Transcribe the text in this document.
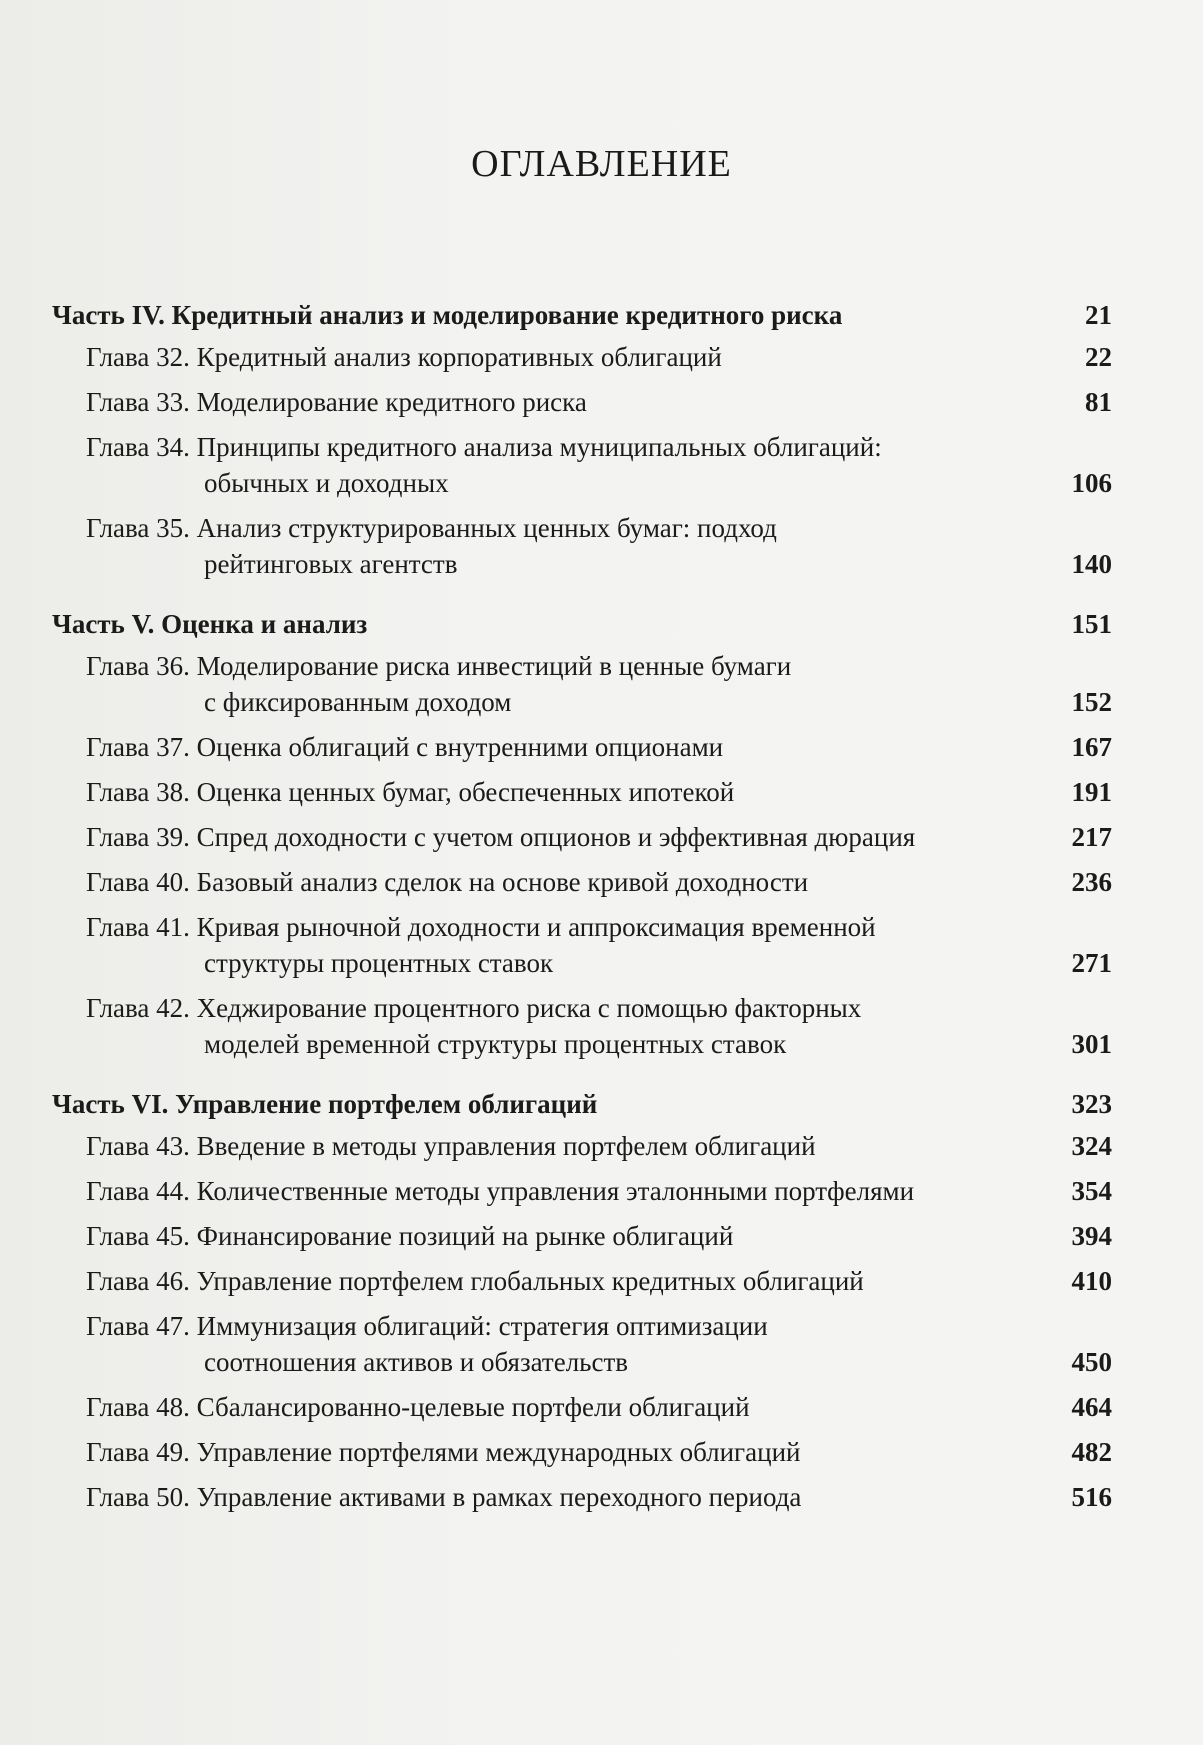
ОГЛАВЛЕНИЕ
Часть IV. Кредитный анализ и моделирование кредитного риска	21
Глава 32. Кредитный анализ корпоративных облигаций	22
Глава 33. Моделирование кредитного риска	81
Глава 34. Принципы кредитного анализа муниципальных облигаций:
обычных и доходных	106
Глава 35. Анализ структурированных ценных бумаг: подход
рейтинговых агентств	140
Часть V. Оценка и анализ	151
Глава 36. Моделирование риска инвестиций в ценные бумаги
с фиксированным доходом	152
Глава 37. Оценка облигаций с внутренними опционами	167
Глава 38. Оценка ценных бумаг, обеспеченных ипотекой	191
Глава 39. Спред доходности с учетом опционов и эффективная дюрация	217
Глава 40. Базовый анализ сделок на основе кривой доходности	236
Глава 41. Кривая рыночной доходности и аппроксимация временной
структуры процентных ставок	271
Глава 42. Хеджирование процентного риска с помощью факторных
моделей временной структуры процентных ставок	301
Часть VI. Управление портфелем облигаций	323
Глава 43. Введение в методы управления портфелем облигаций	324
Глава 44. Количественные методы управления эталонными портфелями	354
Глава 45. Финансирование позиций на рынке облигаций	394
Глава 46. Управление портфелем глобальных кредитных облигаций	410
Глава 47. Иммунизация облигаций: стратегия оптимизации
соотношения активов и обязательств	450
Глава 48. Сбалансированно-целевые портфели облигаций	464
Глава 49. Управление портфелями международных облигаций	482
Глава 50. Управление активами в рамках переходного периода	516
